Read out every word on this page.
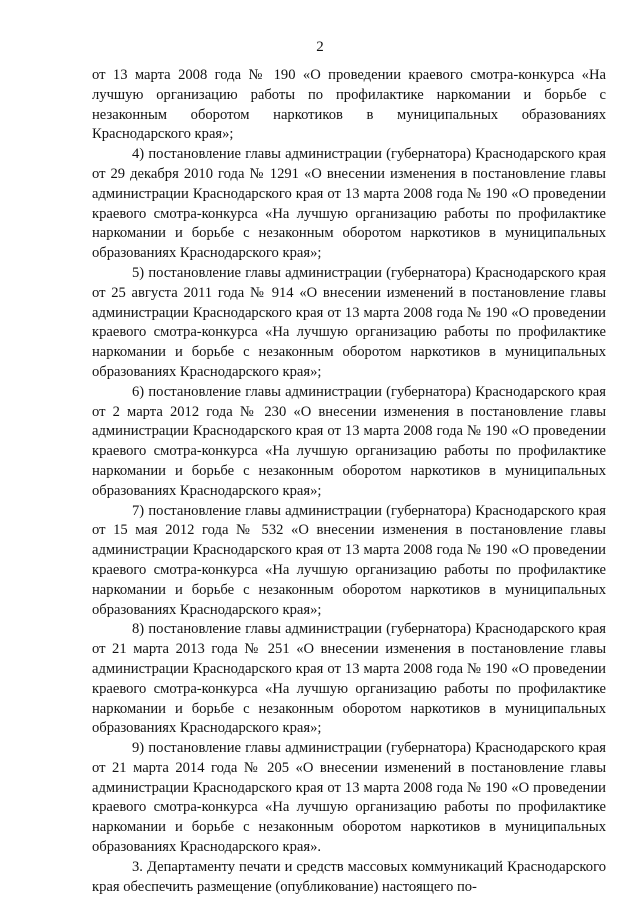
2

от 13 марта 2008 года № 190 «О проведении краевого смотра-конкурса «На лучшую организацию работы по профилактике наркомании и борьбе с незаконным оборотом наркотиков в муниципальных образованиях Краснодарского края»;

4) постановление главы администрации (губернатора) Краснодарского края от 29 декабря 2010 года № 1291 «О внесении изменения в постановление главы администрации Краснодарского края от 13 марта 2008 года № 190 «О проведении краевого смотра-конкурса «На лучшую организацию работы по профилактике наркомании и борьбе с незаконным оборотом наркотиков в муниципальных образованиях Краснодарского края»;

5) постановление главы администрации (губернатора) Краснодарского края от 25 августа 2011 года № 914 «О внесении изменений в постановление главы администрации Краснодарского края от 13 марта 2008 года № 190 «О проведении краевого смотра-конкурса «На лучшую организацию работы по профилактике наркомании и борьбе с незаконным оборотом наркотиков в муниципальных образованиях Краснодарского края»;

6) постановление главы администрации (губернатора) Краснодарского края от 2 марта 2012 года № 230 «О внесении изменения в постановление главы администрации Краснодарского края от 13 марта 2008 года № 190 «О проведении краевого смотра-конкурса «На лучшую организацию работы по профилактике наркомании и борьбе с незаконным оборотом наркотиков в муниципальных образованиях Краснодарского края»;

7) постановление главы администрации (губернатора) Краснодарского края от 15 мая 2012 года № 532 «О внесении изменения в постановление главы администрации Краснодарского края от 13 марта 2008 года № 190 «О проведении краевого смотра-конкурса «На лучшую организацию работы по профилактике наркомании и борьбе с незаконным оборотом наркотиков в муниципальных образованиях Краснодарского края»;

8) постановление главы администрации (губернатора) Краснодарского края от 21 марта 2013 года № 251 «О внесении изменения в постановление главы администрации Краснодарского края от 13 марта 2008 года № 190 «О проведении краевого смотра-конкурса «На лучшую организацию работы по профилактике наркомании и борьбе с незаконным оборотом наркотиков в муниципальных образованиях Краснодарского края»;

9) постановление главы администрации (губернатора) Краснодарского края от 21 марта 2014 года № 205 «О внесении изменений в постановление главы администрации Краснодарского края от 13 марта 2008 года № 190 «О проведении краевого смотра-конкурса «На лучшую организацию работы по профилактике наркомании и борьбе с незаконным оборотом наркотиков в муниципальных образованиях Краснодарского края».

3. Департаменту печати и средств массовых коммуникаций Краснодарского края обеспечить размещение (опубликование) настоящего по-
